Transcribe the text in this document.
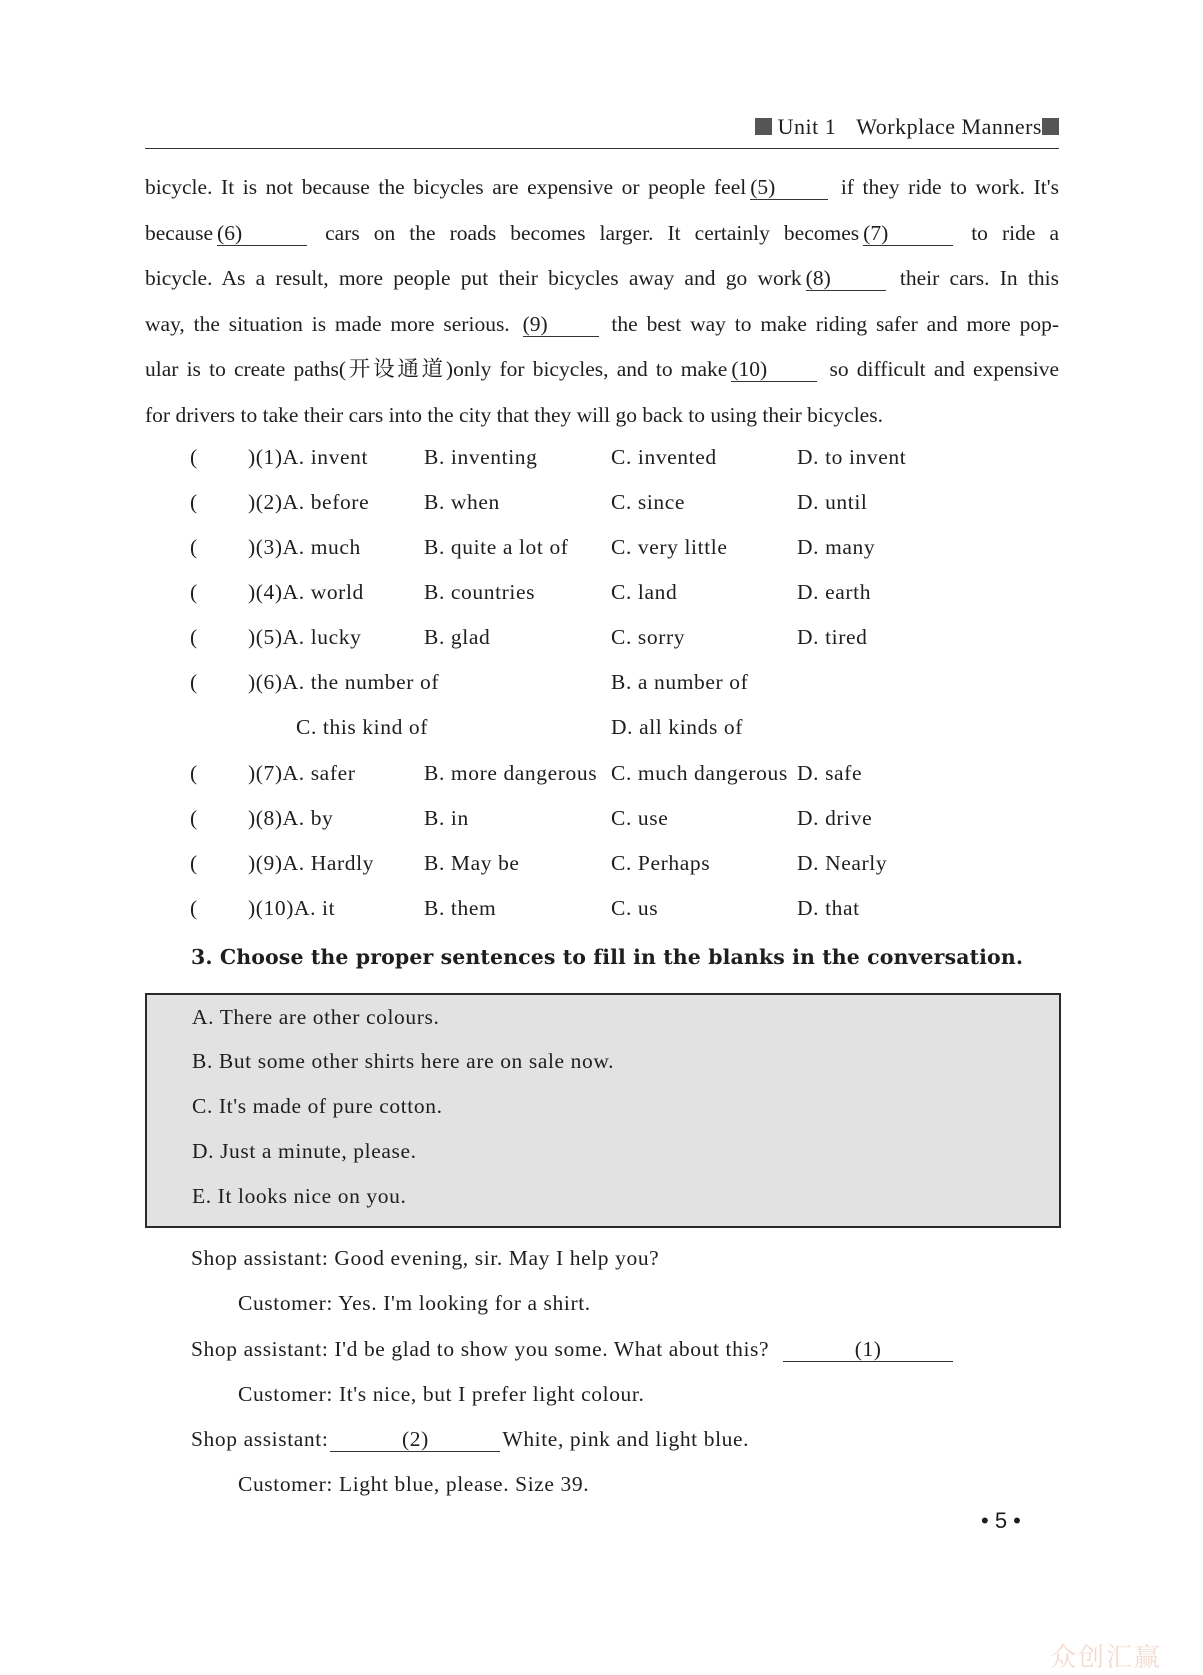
Unit 1 Workplace Manners
bicycle. It is not because the bicycles are expensive or people feel (5)	if they ride to work. It's
because (6)	cars on the roads becomes larger. It certainly becomes (7)	to ride a
bicycle. As a result, more people put their bicycles away and go work (8)	their cars. In this
way, the situation is made more serious. (9)	the best way to make riding safer and more pop-
ular is to create paths(开设通道)only for bicycles, and to make (10)	so difficult and expensive
for drivers to take their cars into the city that they will go back to using their bicycles.
( )(1)A. invent	B. inventing	C. invented	D. to invent
( )(2)A. before	B. when	C. since	D. until
( )(3)A. much	B. quite a lot of C. very little	D. many
( )(4)A. world	B. countries	C. land	D. earth
( )(5)A. lucky	B. glad	C. sorry	D. tired
( )(6)A. the number of	B. a number of
C. this kind of	D. all kinds of
( )(7)A. safer	B. more dangerous C. much dangerous D. safe
( )(8)A. by	B. in	C. use	D. drive
( )(9)A. Hardly B. May be	C. Perhaps	D. Nearly
( )(10)A. it	B. them	C. us	D. that
3. Choose the proper sentences to fill in the blanks in the conversation.
A. There are other colours.
B. But some other shirts here are on sale now.
C. It's made of pure cotton.
D. Just a minute, please.
E. It looks nice on you.
Shop assistant: Good evening, sir. May I help you?
Customer: Yes. I'm looking for a shirt.
Shop assistant: I'd be glad to show you some. What about this?	(1)
Customer: It's nice, but I prefer light colour.
Shop assistant:	(2)	White, pink and light blue.
Customer: Light blue, please. Size 39.
• 5 •
众创汇赢
